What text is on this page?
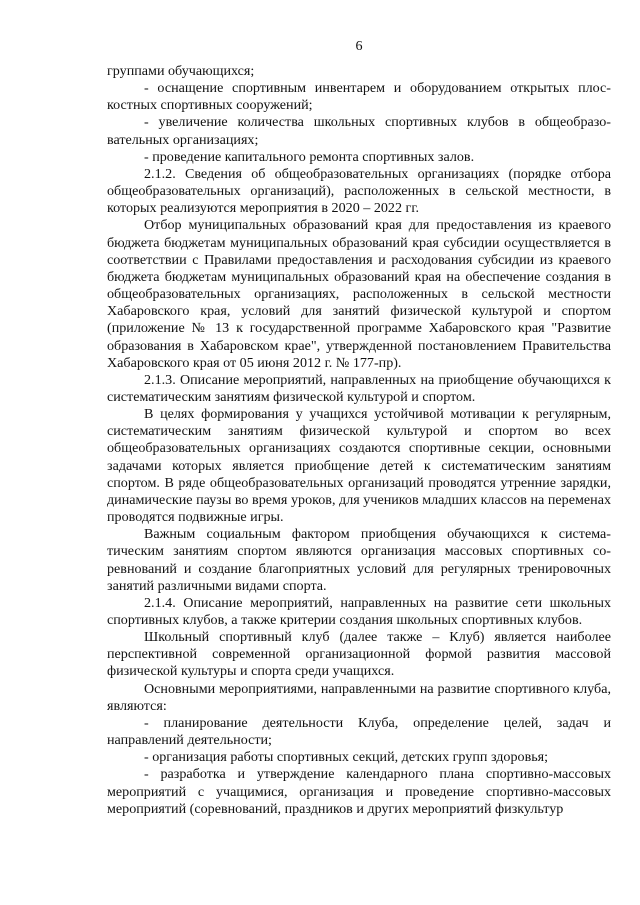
6

группами обучающихся;

- оснащение спортивным инвентарем и оборудованием открытых плоскостных спортивных сооружений;

- увеличение количества школьных спортивных клубов в общеобразовательных организациях;

- проведение капитального ремонта спортивных залов.

2.1.2. Сведения об общеобразовательных организациях (порядке отбора общеобразовательных организаций), расположенных в сельской местности, в которых реализуются мероприятия в 2020 – 2022 гг.

Отбор муниципальных образований края для предоставления из краевого бюджета бюджетам муниципальных образований края субсидии осуществляется в соответствии с Правилами предоставления и расходования субсидии из краевого бюджета бюджетам муниципальных образований края на обеспечение создания в общеобразовательных организациях, расположенных в сельской местности Хабаровского края, условий для занятий физической культурой и спортом (приложение № 13 к государственной программе Хабаровского края "Развитие образования в Хабаровском крае", утвержденной постановлением Правительства Хабаровского края от 05 июня 2012 г. № 177-пр).

2.1.3. Описание мероприятий, направленных на приобщение обучающихся к систематическим занятиям физической культурой и спортом.

В целях формирования у учащихся устойчивой мотивации к регулярным, систематическим занятиям физической культурой и спортом во всех общеобразовательных организациях создаются спортивные секции, основными задачами которых является приобщение детей к систематическим занятиям спортом. В ряде общеобразовательных организаций проводятся утренние зарядки, динамические паузы во время уроков, для учеников младших классов на переменах проводятся подвижные игры.

Важным социальным фактором приобщения обучающихся к систематическим занятиям спортом являются организация массовых спортивных соревнований и создание благоприятных условий для регулярных тренировочных занятий различными видами спорта.

2.1.4. Описание мероприятий, направленных на развитие сети школьных спортивных клубов, а также критерии создания школьных спортивных клубов.

Школьный спортивный клуб (далее также – Клуб) является наиболее перспективной современной организационной формой развития массовой физической культуры и спорта среди учащихся.

Основными мероприятиями, направленными на развитие спортивного клуба, являются:

- планирование деятельности Клуба, определение целей, задач и направлений деятельности;

- организация работы спортивных секций, детских групп здоровья;

- разработка и утверждение календарного плана спортивно-массовых мероприятий с учащимися, организация и проведение спортивно-массовых мероприятий (соревнований, праздников и других мероприятий физкультур
